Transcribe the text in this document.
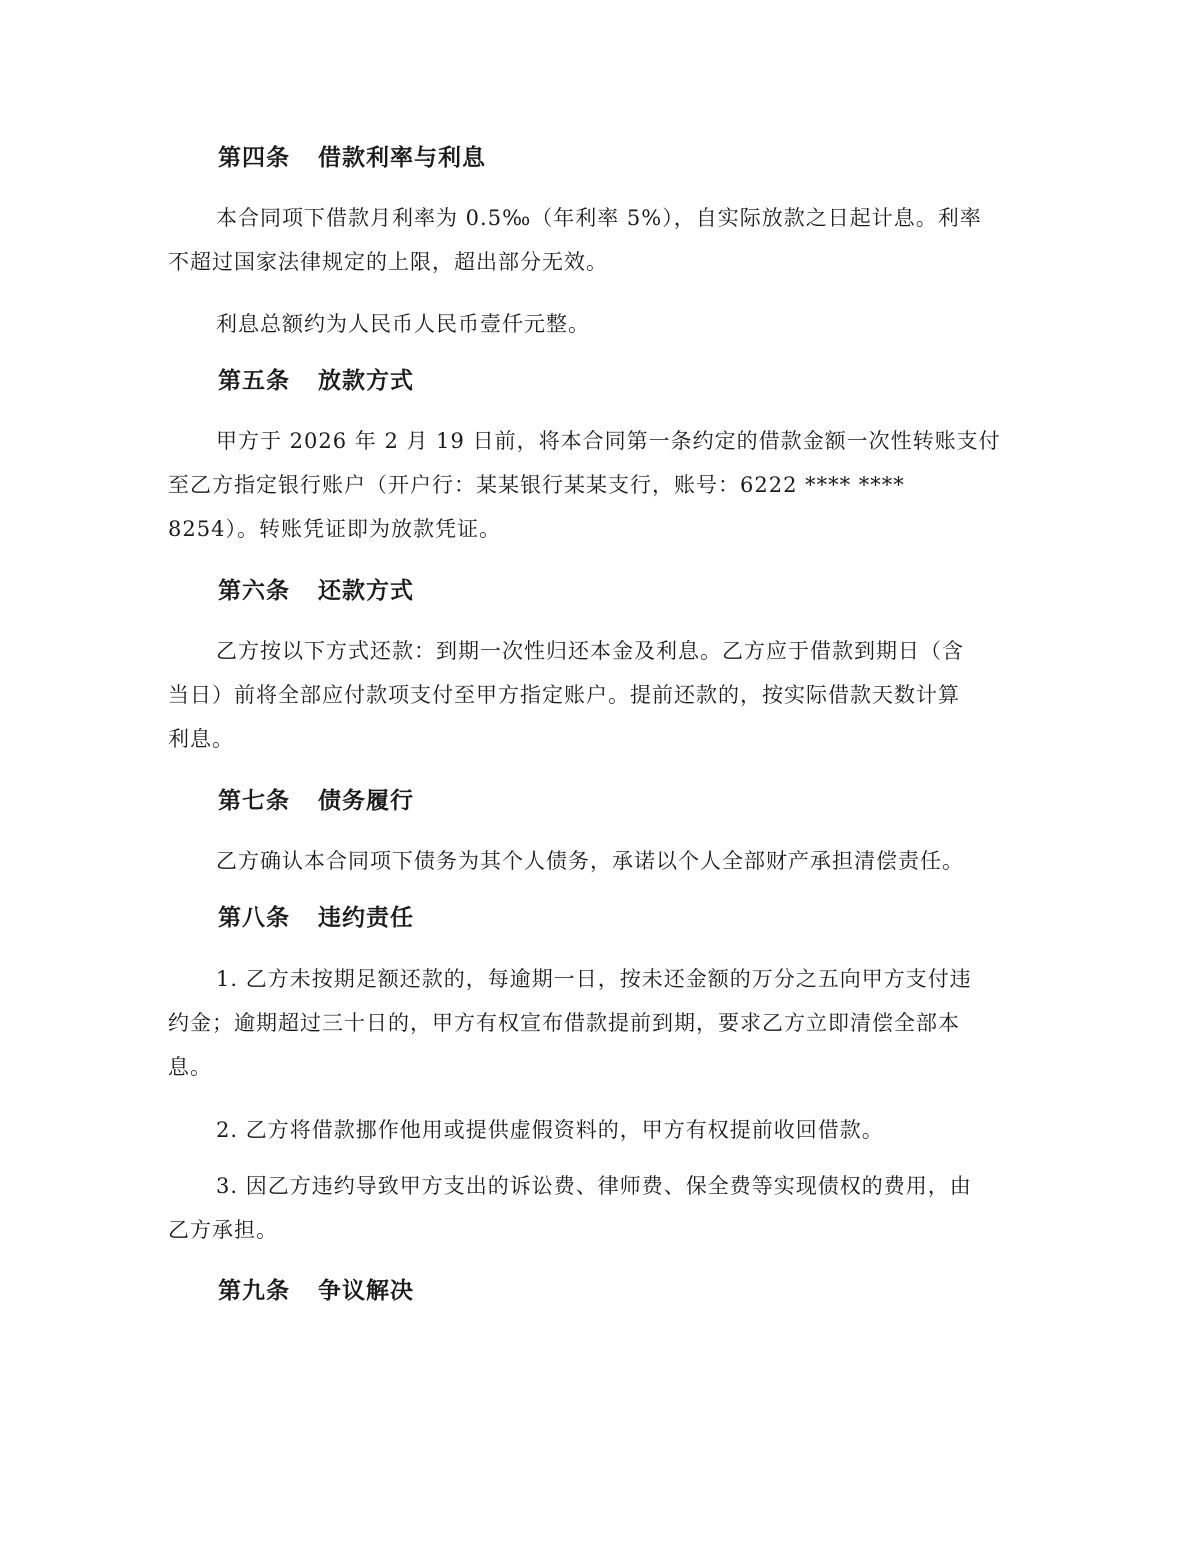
第四条 借款利率与利息
本合同项下借款月利率为 0.5‰（年利率 5%），自实际放款之日起计息。利率
不超过国家法律规定的上限，超出部分无效。
利息总额约为人民币人民币壹仟元整。
第五条 放款方式
甲方于 2026 年 2 月 19 日前，将本合同第一条约定的借款金额一次性转账支付
至乙方指定银行账户（开户行：某某银行某某支行，账号：6222 **** ****
8254）。转账凭证即为放款凭证。
第六条 还款方式
乙方按以下方式还款：到期一次性归还本金及利息。乙方应于借款到期日（含
当日）前将全部应付款项支付至甲方指定账户。提前还款的，按实际借款天数计算
利息。
第七条 债务履行
乙方确认本合同项下债务为其个人债务，承诺以个人全部财产承担清偿责任。
第八条 违约责任
1. 乙方未按期足额还款的，每逾期一日，按未还金额的万分之五向甲方支付违
约金；逾期超过三十日的，甲方有权宣布借款提前到期，要求乙方立即清偿全部本
息。
2. 乙方将借款挪作他用或提供虚假资料的，甲方有权提前收回借款。
3. 因乙方违约导致甲方支出的诉讼费、律师费、保全费等实现债权的费用，由
乙方承担。
第九条 争议解决
